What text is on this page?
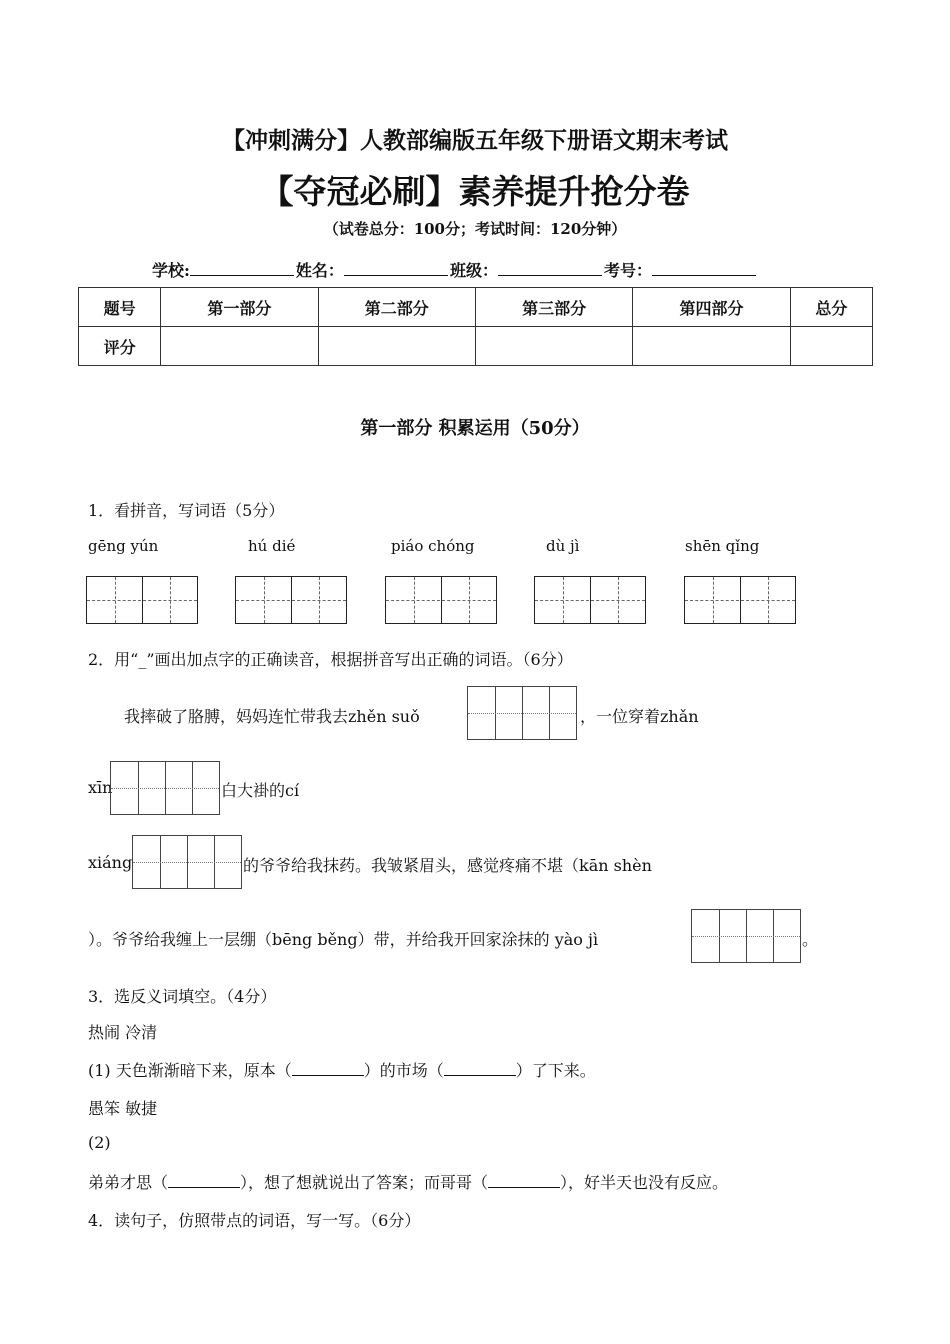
【冲刺满分】人教部编版五年级下册语文期末考试
【夺冠必刷】素养提升抢分卷
（试卷总分：100分；考试时间：120分钟）
学校:	姓名：	班级：	考号：
题号	第一部分	第二部分	第三部分	第四部分	总分
评分					
第一部分 积累运用（50分）
1．看拼音，写词语（5分）
gēng yún	hú dié	piáo chóng	dù jì	shēn qǐng
2．用“_”画出加点字的正确读音，根据拼音写出正确的词语。（6分）
我摔破了胳膊，妈妈连忙带我去zhěn suǒ	，一位穿着zhǎn
xīn	白大褂的cí
xiáng	的爷爷给我抹药。我皱紧眉头，感觉疼痛不堪（kān shèn
）。爷爷给我缠上一层绷（bēng běng）带，并给我开回家涂抹的 yào jì	。
3．选反义词填空。（4分）
热闹 冷清
(1) 天色渐渐暗下来，原本（	）的市场（	）了下来。
愚笨 敏捷
(2)
弟弟才思（	），想了想就说出了答案；而哥哥（	），好半天也没有反应。
4．读句子，仿照带点的词语，写一写。（6分）
